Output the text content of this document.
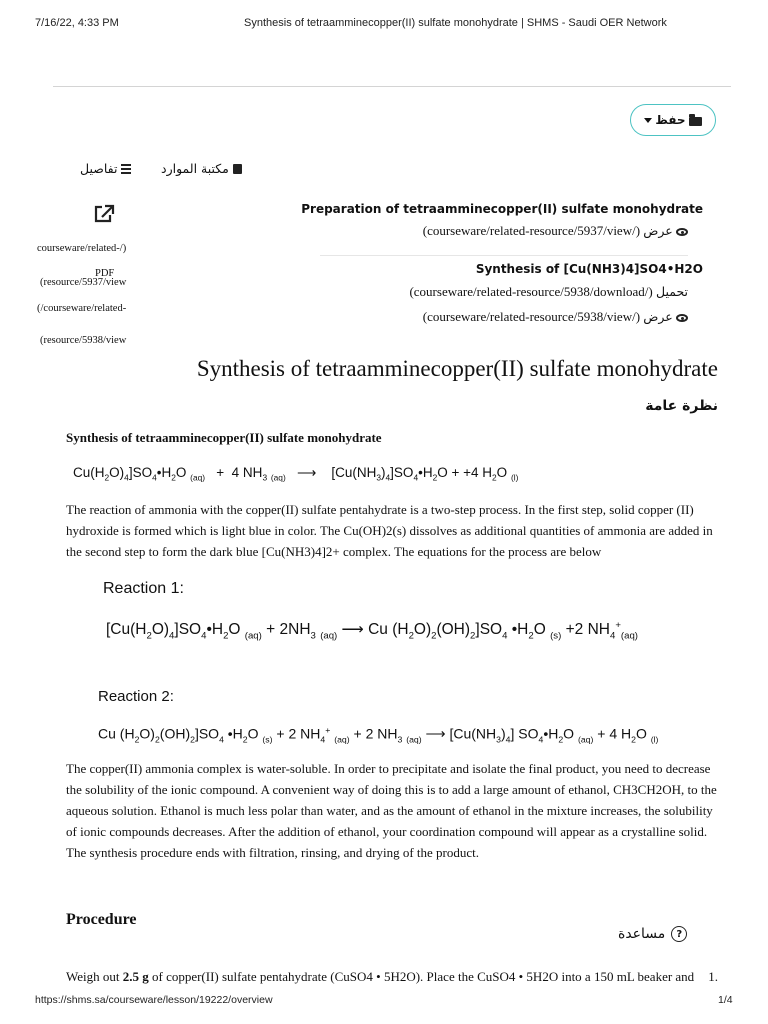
7/16/22, 4:33 PM	Synthesis of tetraamminecopper(II) sulfate monohydrate | SHMS - Saudi OER Network
حفظ
مكتبة الموارد
تفاصيل
courseware/related-/)
PDF
(resource/5937/view
(/courseware/related-
(resource/5938/view
Preparation of tetraamminecopper(II) sulfate monohydrate
(courseware/related-resource/5937/view/) عرض
Synthesis of [Cu(NH3)4]SO4•H2O
(courseware/related-resource/5938/download/) تحميل
(courseware/related-resource/5938/view/) عرض
Synthesis of tetraamminecopper(II) sulfate monohydrate
نظرة عامة
Synthesis of tetraamminecopper(II) sulfate monohydrate
$Cu(H_2O)_4]SO_4•H_2O$ $_{(aq)}$   +  4 $NH_3$ $_{(aq)}$   ⟶    $[Cu(NH_3)_4]SO_4•H_2O + +4$ $H_2O$ $_{(l)}$
The reaction of ammonia with the copper(II) sulfate pentahydrate is a two-step process. In the first step, solid copper (II) hydroxide is formed which is light blue in color. The Cu(OH)2(s) dissolves as additional quantities of ammonia are added in the second step to form the dark blue [Cu(NH3)4]2+ complex. The equations for the process are below
Reaction 1:
$[Cu(H_2O)_4]SO_4•H_2O$ $_{(aq)} + 2NH_3$ $_{(aq)}$ ⟶ Cu $(H_2O)_2(OH)_2]SO_4$ $•H_2O$ $_{(s)}$ +2 $NH_4^+_{(aq)}$
Reaction 2:
Cu $(H_2O)_2(OH)_2]SO_4$ $•H_2O$ $_{(s)}$ + 2 $NH_4^+$ $_{(aq)}$ + 2 $NH_3$ $_{(aq)}$ ⟶ $[Cu(NH_3)_4]$ $SO_4•H_2O$ $_{(aq)}$ + 4 $H_2O$ $_{(l)}$
The copper(II) ammonia complex is water-soluble. In order to precipitate and isolate the final product, you need to decrease the solubility of the ionic compound. A convenient way of doing this is to add a large amount of ethanol, CH3CH2OH, to the aqueous solution. Ethanol is much less polar than water, and as the amount of ethanol in the mixture increases, the solubility of ionic compounds decreases. After the addition of ethanol, your coordination compound will appear as a crystalline solid. The synthesis procedure ends with filtration, rinsing, and drying of the product.
Procedure
مساعدة	?
Weigh out 2.5 g of copper(II) sulfate pentahydrate (CuSO4 • 5H2O). Place the CuSO4 • 5H2O into a 150 mL beaker and 1.
https://shms.sa/courseware/lesson/19222/overview	1/4
